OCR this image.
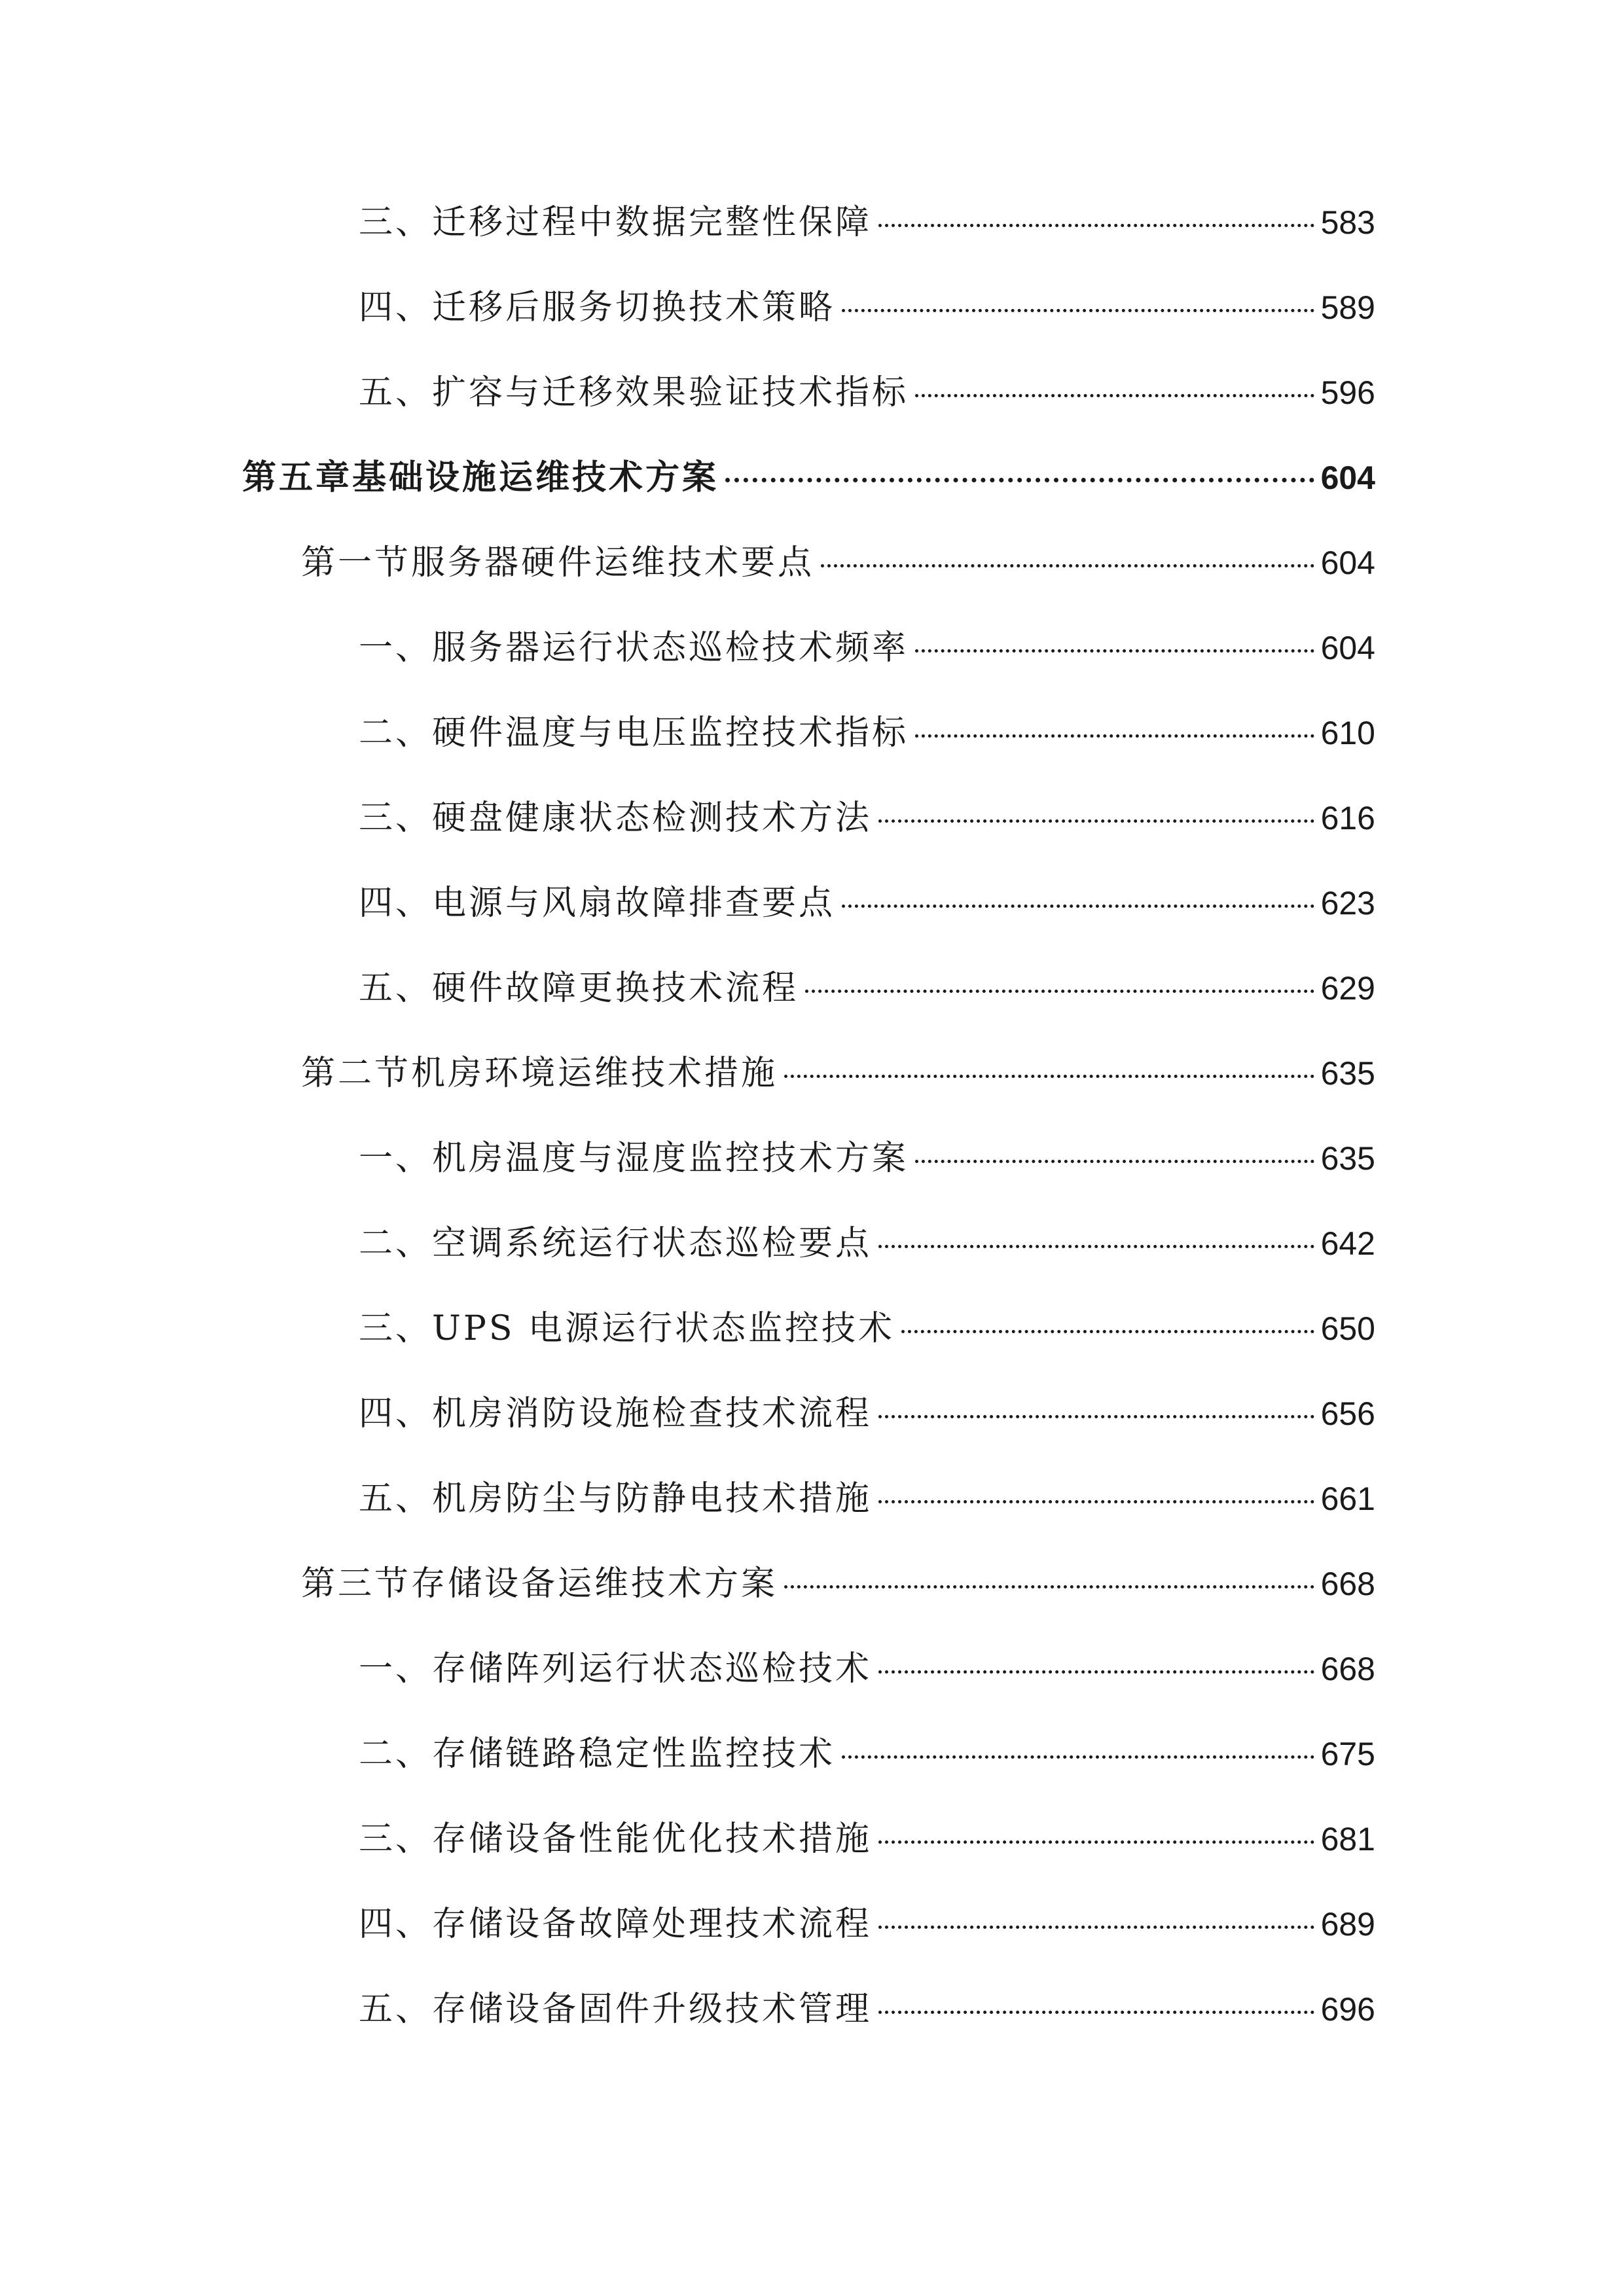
三、迁移过程中数据完整性保障	583
四、迁移后服务切换技术策略	589
五、扩容与迁移效果验证技术指标	596
第五章基础设施运维技术方案	604
第一节服务器硬件运维技术要点	604
一、服务器运行状态巡检技术频率	604
二、硬件温度与电压监控技术指标	610
三、硬盘健康状态检测技术方法	616
四、电源与风扇故障排查要点	623
五、硬件故障更换技术流程	629
第二节机房环境运维技术措施	635
一、机房温度与湿度监控技术方案	635
二、空调系统运行状态巡检要点	642
三、UPS 电源运行状态监控技术	650
四、机房消防设施检查技术流程	656
五、机房防尘与防静电技术措施	661
第三节存储设备运维技术方案	668
一、存储阵列运行状态巡检技术	668
二、存储链路稳定性监控技术	675
三、存储设备性能优化技术措施	681
四、存储设备故障处理技术流程	689
五、存储设备固件升级技术管理	696
